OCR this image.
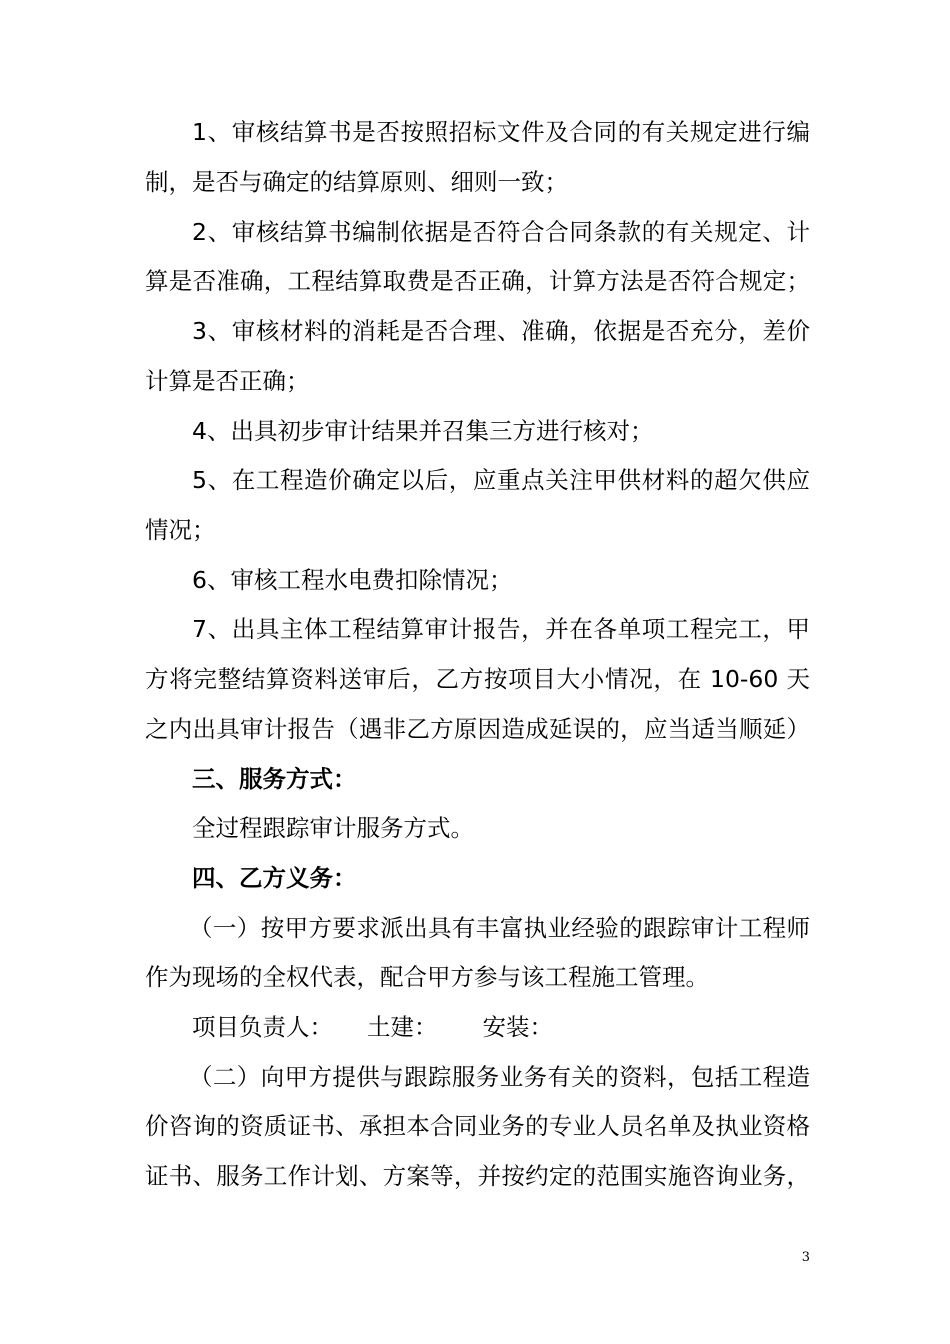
1、审核结算书是否按照招标文件及合同的有关规定进行编
制，是否与确定的结算原则、细则一致；
2、审核结算书编制依据是否符合合同条款的有关规定、计
算是否准确，工程结算取费是否正确，计算方法是否符合规定；
3、审核材料的消耗是否合理、准确，依据是否充分，差价
计算是否正确；
4、出具初步审计结果并召集三方进行核对；
5、在工程造价确定以后，应重点关注甲供材料的超欠供应
情况；
6、审核工程水电费扣除情况；
7、出具主体工程结算审计报告，并在各单项工程完工，甲
方将完整结算资料送审后，乙方按项目大小情况，在 10-60 天
之内出具审计报告（遇非乙方原因造成延误的，应当适当顺延）
三、服务方式：
全过程跟踪审计服务方式。
四、乙方义务：
（一）按甲方要求派出具有丰富执业经验的跟踪审计工程师
作为现场的全权代表，配合甲方参与该工程施工管理。
项目负责人： 土建： 安装：
（二）向甲方提供与跟踪服务业务有关的资料，包括工程造
价咨询的资质证书、承担本合同业务的专业人员名单及执业资格
证书、服务工作计划、方案等，并按约定的范围实施咨询业务，
3
